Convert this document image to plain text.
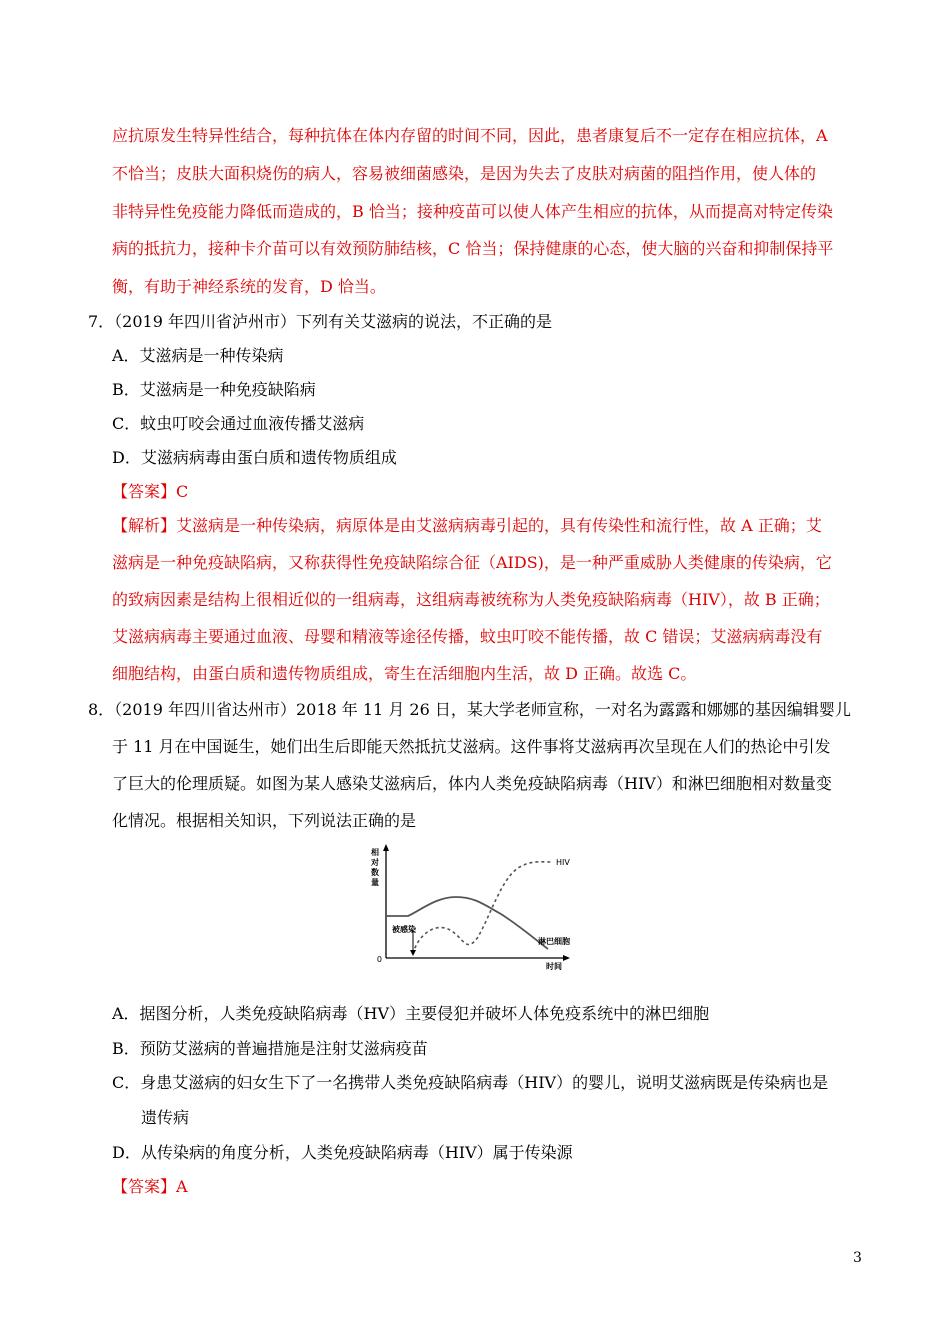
应抗原发生特异性结合，每种抗体在体内存留的时间不同，因此，患者康复后不一定存在相应抗体，A
不恰当；皮肤大面积烧伤的病人，容易被细菌感染，是因为失去了皮肤对病菌的阻挡作用，使人体的
非特异性免疫能力降低而造成的，B 恰当；接种疫苗可以使人体产生相应的抗体，从而提高对特定传染
病的抵抗力，接种卡介苗可以有效预防肺结核，C 恰当；保持健康的心态，使大脑的兴奋和抑制保持平
衡，有助于神经系统的发育，D 恰当。
7．（2019 年四川省泸州市）下列有关艾滋病的说法，不正确的是
A．艾滋病是一种传染病
B．艾滋病是一种免疫缺陷病
C．蚊虫叮咬会通过血液传播艾滋病
D．艾滋病病毒由蛋白质和遗传物质组成
【答案】C
【解析】艾滋病是一种传染病，病原体是由艾滋病病毒引起的，具有传染性和流行性，故 A 正确；艾
滋病是一种免疫缺陷病，又称获得性免疫缺陷综合征（AIDS)，是一种严重威胁人类健康的传染病，它
的致病因素是结构上很相近似的一组病毒，这组病毒被统称为人类免疫缺陷病毒（HIV），故 B 正确；
艾滋病病毒主要通过血液、母婴和精液等途径传播，蚊虫叮咬不能传播，故 C 错误；艾滋病病毒没有
细胞结构，由蛋白质和遗传物质组成，寄生在活细胞内生活，故 D 正确。故选 C。
8．（2019 年四川省达州市）2018 年 11 月 26 日，某大学老师宣称，一对名为露露和娜娜的基因编辑婴儿
于 11 月在中国诞生，她们出生后即能天然抵抗艾滋病。这件事将艾滋病再次呈现在人们的热论中引发
了巨大的伦理质疑。如图为某人感染艾滋病后，体内人类免疫缺陷病毒（HIV）和淋巴细胞相对数量变
化情况。根据相关知识，下列说法正确的是
相
对
数
量
0
被感染
HIV
淋巴细胞
时间
A．据图分析，人类免疫缺陷病毒（HV）主要侵犯并破坏人体免疫系统中的淋巴细胞
B．预防艾滋病的普遍措施是注射艾滋病疫苗
C．身患艾滋病的妇女生下了一名携带人类免疫缺陷病毒（HIV）的婴儿，说明艾滋病既是传染病也是
遗传病
D．从传染病的角度分析，人类免疫缺陷病毒（HIV）属于传染源
【答案】A
3
